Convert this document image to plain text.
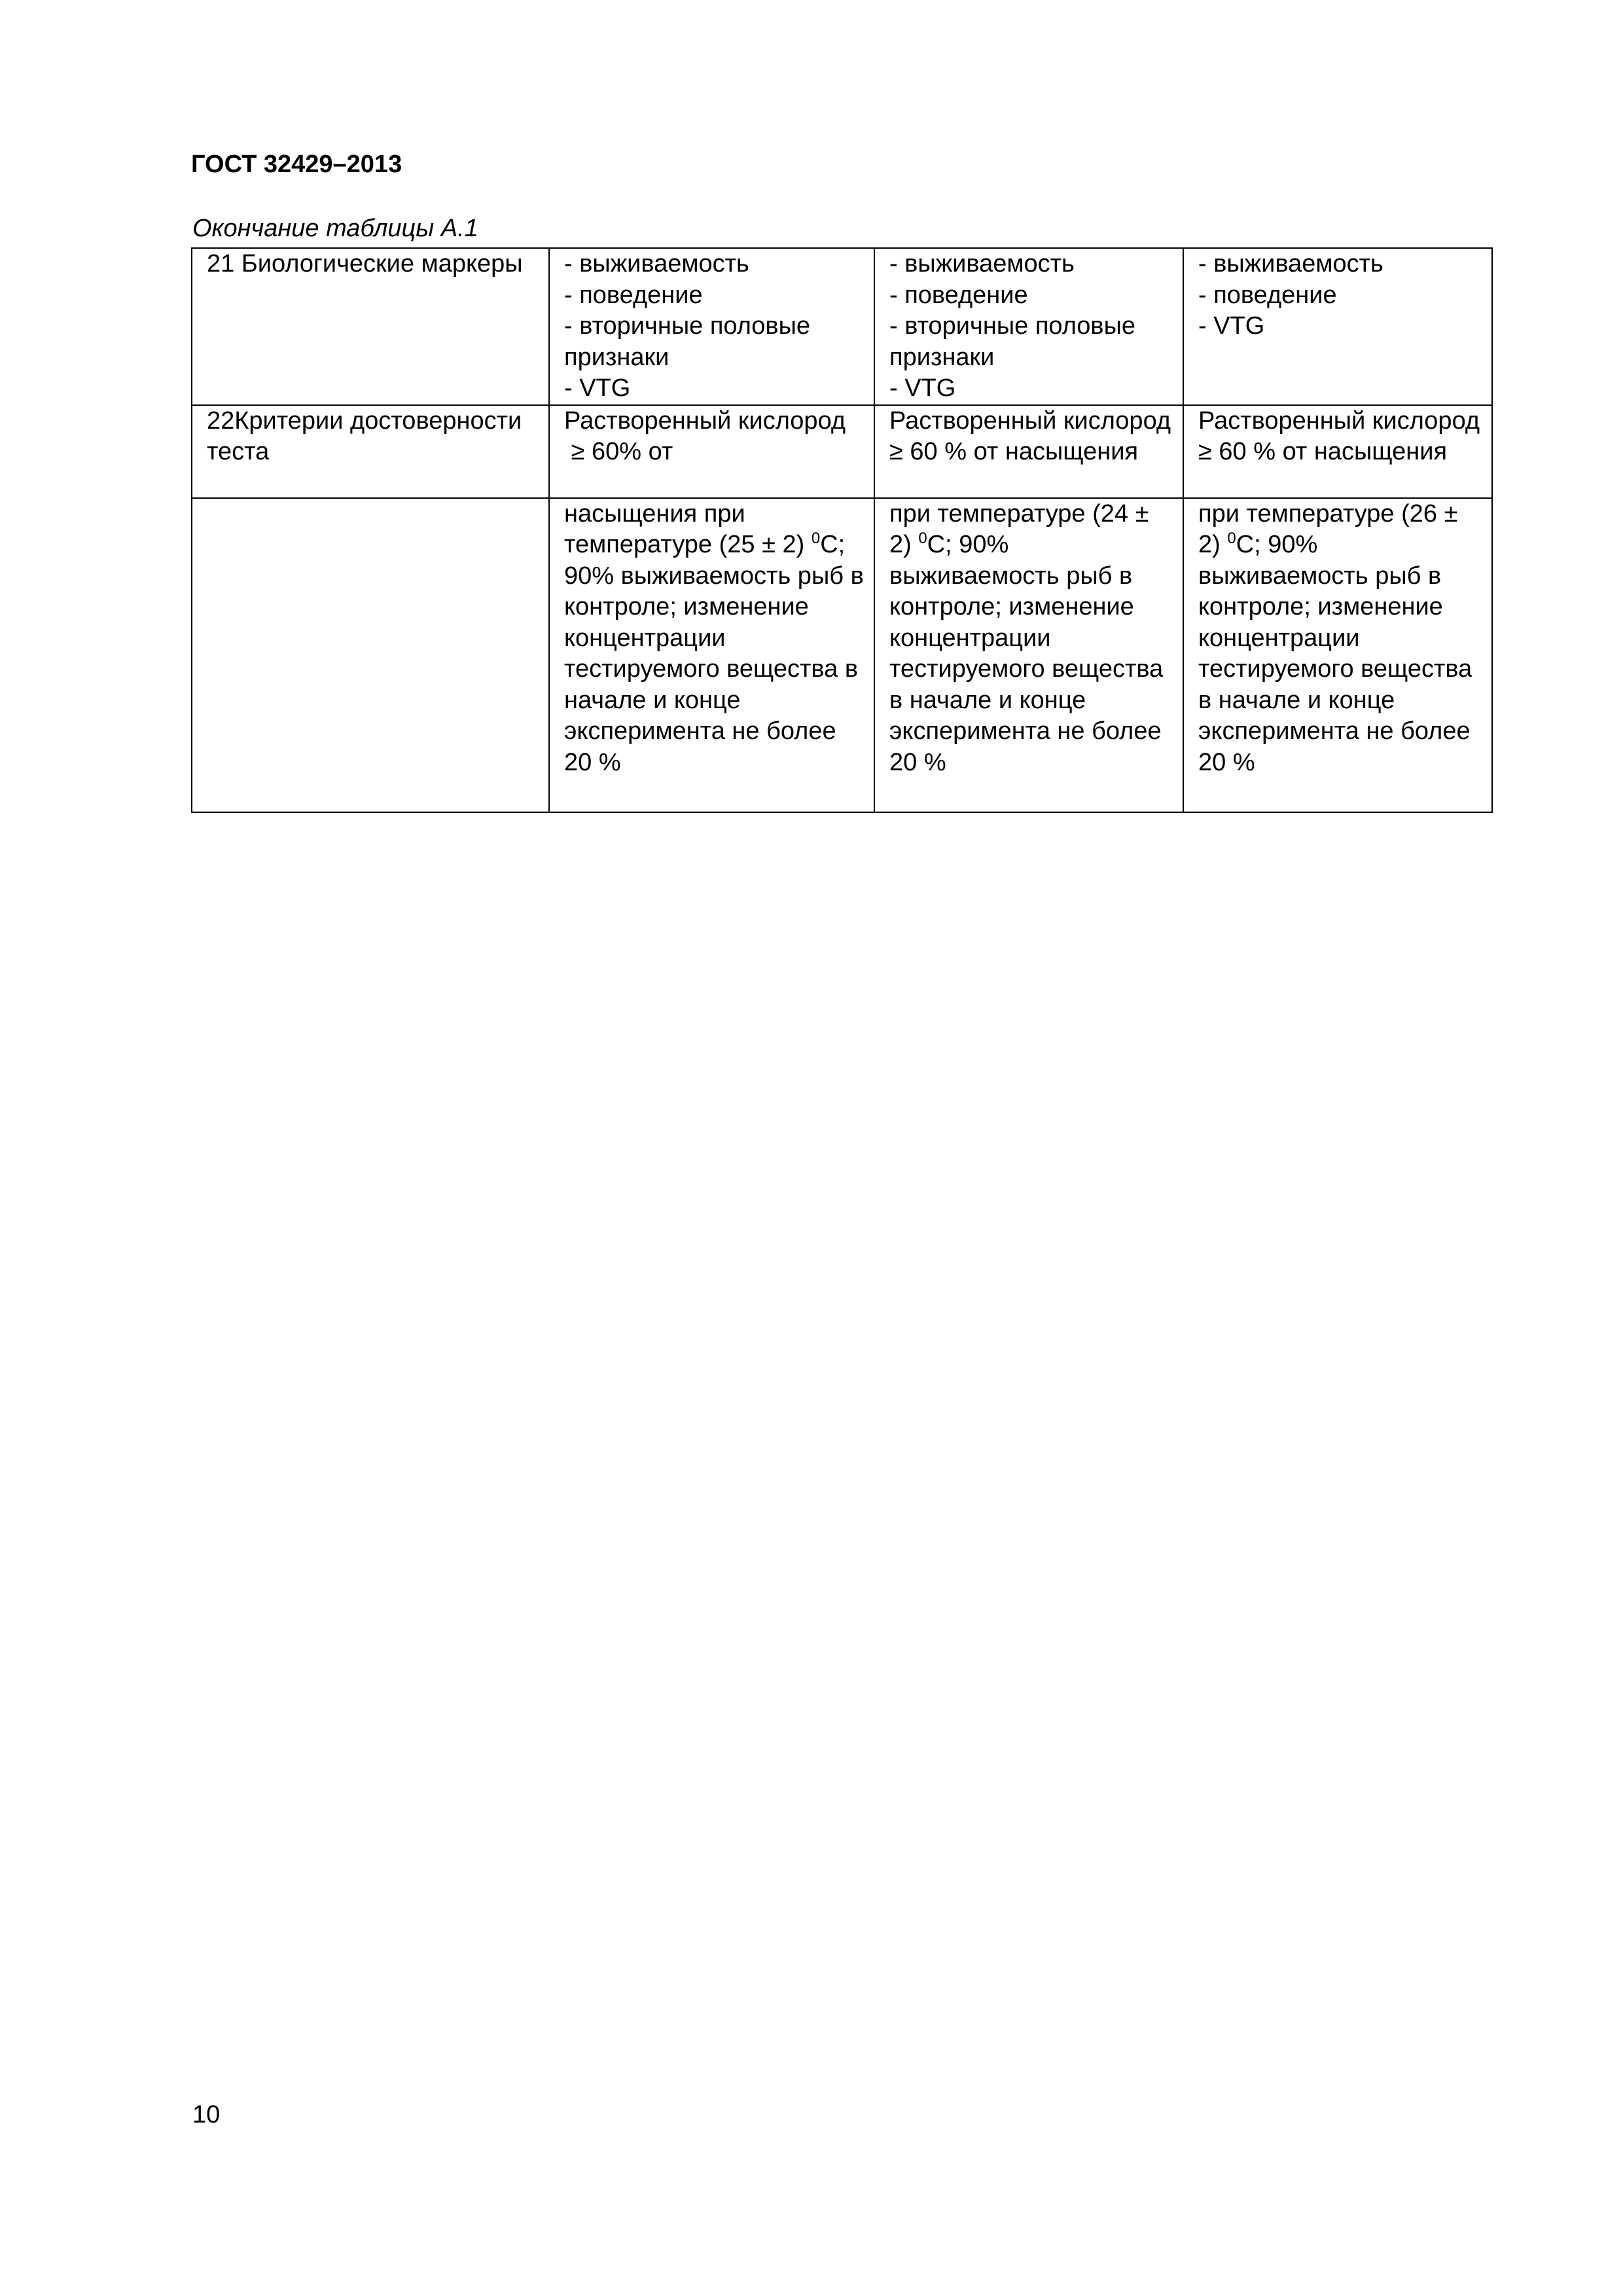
ГОСТ 32429–2013
Окончание таблицы А.1
21 Биологические маркеры	- выживаемость
- поведение
- вторичные половые признаки
- VTG	- выживаемость
- поведение
- вторичные половые признаки
- VTG	- выживаемость
- поведение
- VTG

22Критерии достоверности теста	Растворенный кислород
≥ 60% от	Растворенный кислород ≥ 60 % от насыщения	Растворенный кислород ≥ 60 % от насыщения

	насыщения при температуре (25 ± 2) $^0$С; 90% выживаемость рыб в контроле; изменение концентрации тестируемого вещества в начале и конце эксперимента не более 20 %	при температуре (24 ± 2) $^0$С; 90% выживаемость рыб в контроле; изменение концентрации тестируемого вещества в начале и конце эксперимента не более 20 %	при температуре (26 ± 2) $^0$С; 90% выживаемость рыб в контроле; изменение концентрации тестируемого вещества в начале и конце эксперимента не более 20 %
10
